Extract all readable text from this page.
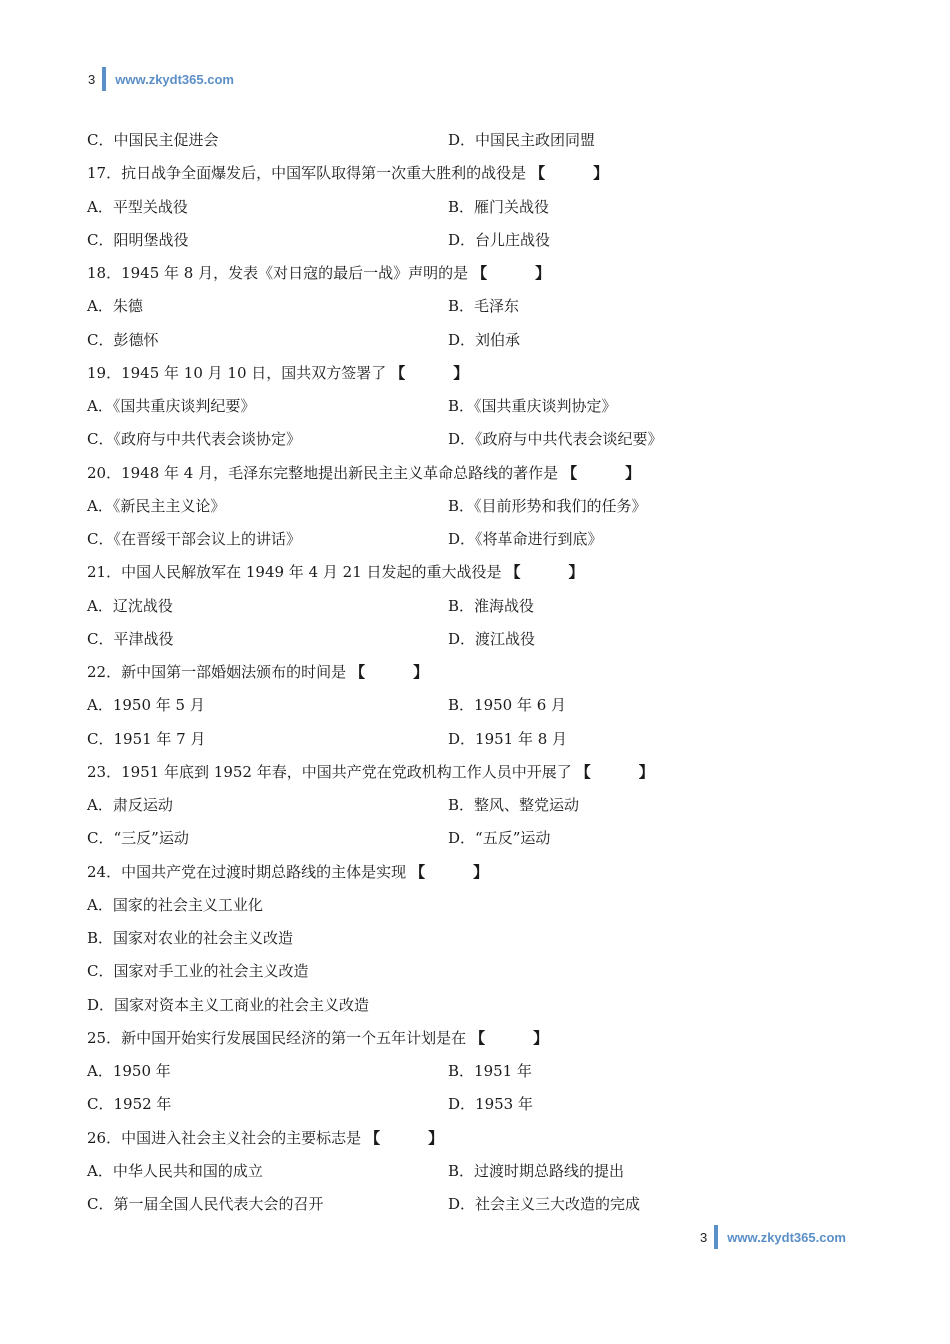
3 www.zkydt365.com
C．中国民主促进会	D．中国民主政团同盟
17．抗日战争全面爆发后，中国军队取得第一次重大胜利的战役是 【	】
A．平型关战役	B．雁门关战役
C．阳明堡战役	D．台儿庄战役
18．1945 年 8 月，发表《对日寇的最后一战》声明的是 【	】
A．朱德	B．毛泽东
C．彭德怀	D．刘伯承
19．1945 年 10 月 10 日，国共双方签署了 【	】
A．《国共重庆谈判纪要》	B．《国共重庆谈判协定》
C．《政府与中共代表会谈协定》	D．《政府与中共代表会谈纪要》
20．1948 年 4 月，毛泽东完整地提出新民主主义革命总路线的著作是 【	】
A．《新民主主义论》	B．《目前形势和我们的任务》
C．《在晋绥干部会议上的讲话》	D．《将革命进行到底》
21．中国人民解放军在 1949 年 4 月 21 日发起的重大战役是 【	】
A．辽沈战役	B．淮海战役
C．平津战役	D．渡江战役
22．新中国第一部婚姻法颁布的时间是 【	】
A．1950 年 5 月	B．1950 年 6 月
C．1951 年 7 月	D．1951 年 8 月
23．1951 年底到 1952 年春，中国共产党在党政机构工作人员中开展了 【	】
A．肃反运动	B．整风、整党运动
C．“三反”运动	D．“五反”运动
24．中国共产党在过渡时期总路线的主体是实现 【	】
A．国家的社会主义工业化
B．国家对农业的社会主义改造
C．国家对手工业的社会主义改造
D．国家对资本主义工商业的社会主义改造
25．新中国开始实行发展国民经济的第一个五年计划是在 【	】
A．1950 年	B．1951 年
C．1952 年	D．1953 年
26．中国进入社会主义社会的主要标志是 【	】
A．中华人民共和国的成立	B．过渡时期总路线的提出
C．第一届全国人民代表大会的召开	D．社会主义三大改造的完成
3 www.zkydt365.com
